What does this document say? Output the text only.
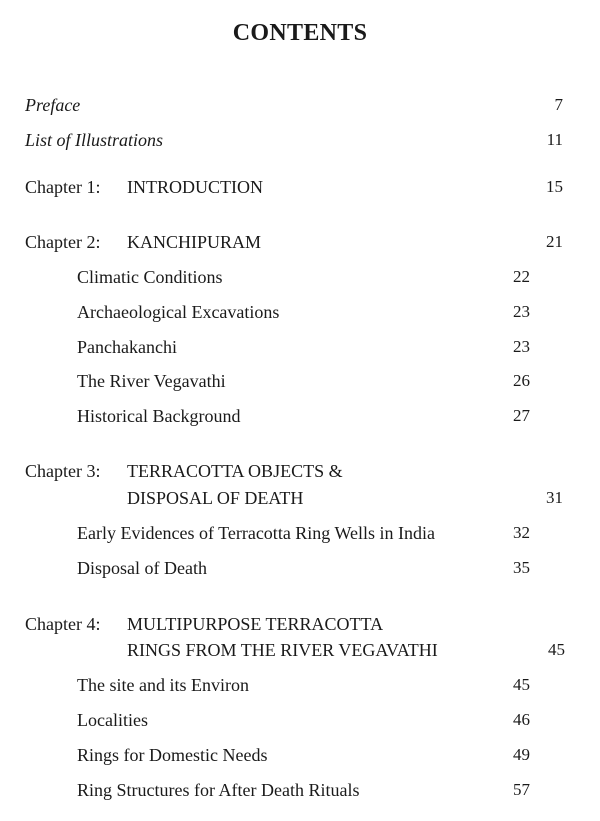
CONTENTS
Preface	7
List of Illustrations	11
Chapter 1: INTRODUCTION	15
Chapter 2: KANCHIPURAM	21
Climatic Conditions	22
Archaeological Excavations	23
Panchakanchi	23
The River Vegavathi	26
Historical Background	27
Chapter 3: TERRACOTTA OBJECTS &
DISPOSAL OF DEATH	31
Early Evidences of Terracotta Ring Wells in India	32
Disposal of Death	35
Chapter 4: MULTIPURPOSE TERRACOTTA
RINGS FROM THE RIVER VEGAVATHI	45
The site and its Environ	45
Localities	46
Rings for Domestic Needs	49
Ring Structures for After Death Rituals	57
